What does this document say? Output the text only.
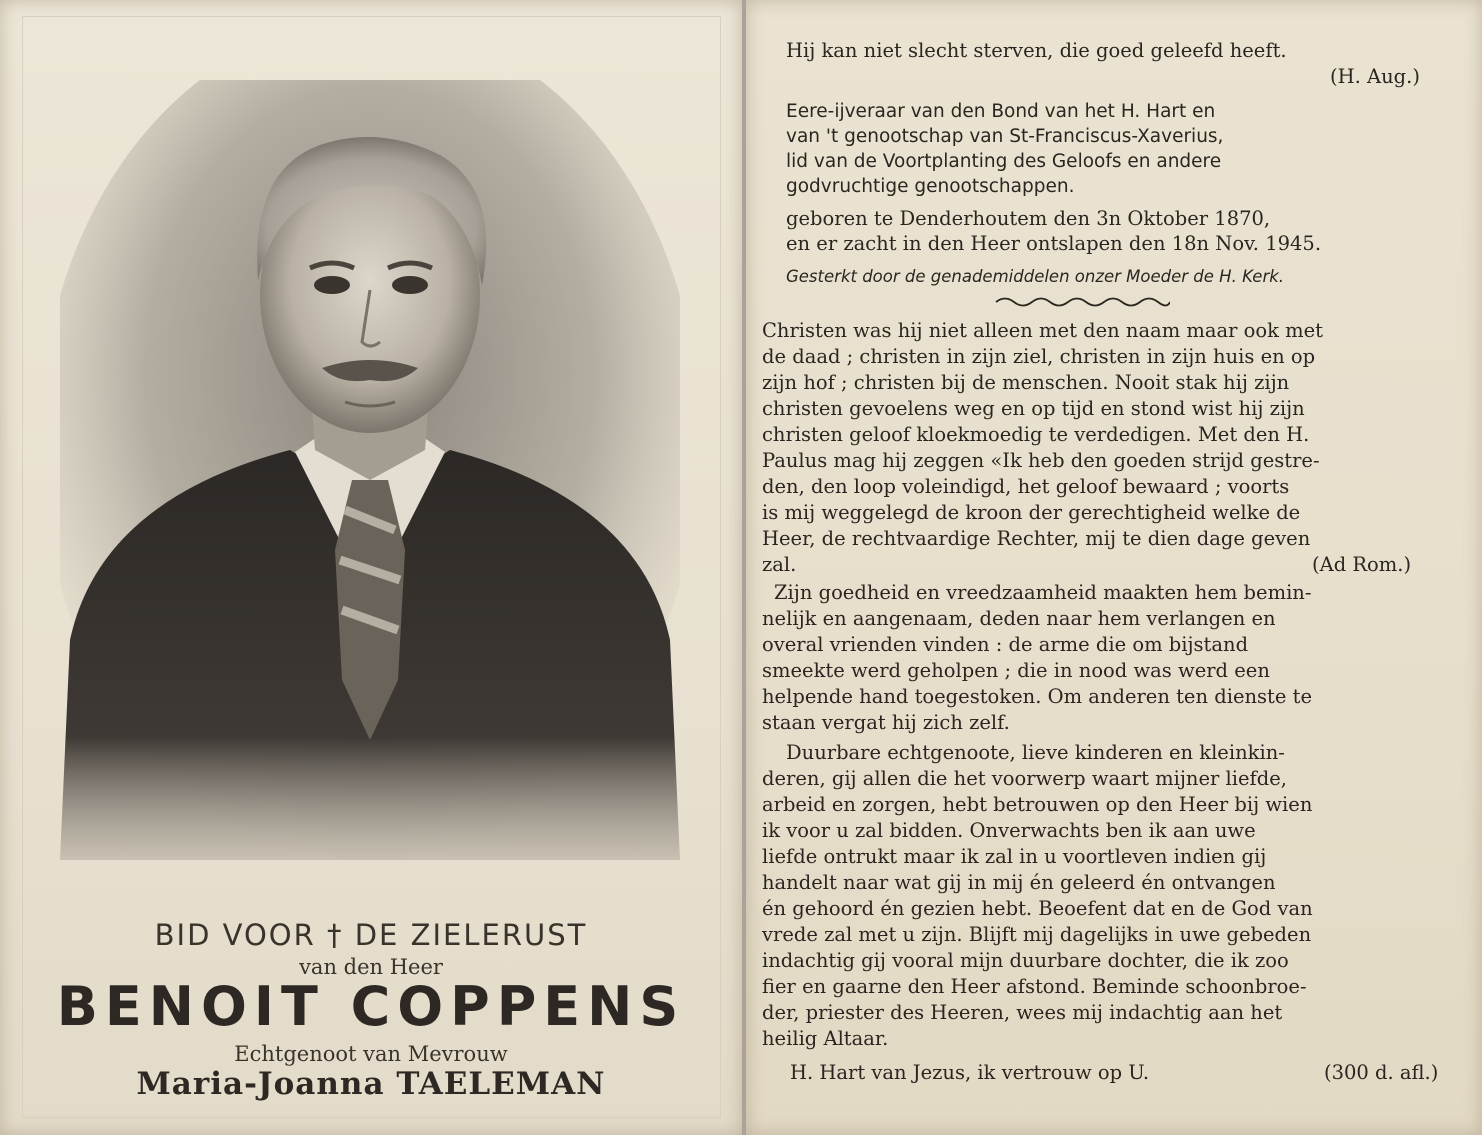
BID VOOR † DE ZIELERUST
van den Heer
BENOIT COPPENS
Echtgenoot van Mevrouw
Maria-Joanna TAELEMAN
Hij kan niet slecht sterven, die goed geleefd heeft.
(H. Aug.)
Eere-ijveraar van den Bond van het H. Hart en
van 't genootschap van St-Franciscus-Xaverius,
lid van de Voortplanting des Geloofs en andere
godvruchtige genootschappen.
geboren te Denderhoutem den 3n Oktober 1870,
en er zacht in den Heer ontslapen den 18n Nov. 1945.
Gesterkt door de genademiddelen onzer Moeder de H. Kerk.
Christen was hij niet alleen met den naam maar ook met
de daad ; christen in zijn ziel, christen in zijn huis en op
zijn hof ; christen bij de menschen. Nooit stak hij zijn
christen gevoelens weg en op tijd en stond wist hij zijn
christen geloof kloekmoedig te verdedigen. Met den H.
Paulus mag hij zeggen «Ik heb den goeden strijd gestre-
den, den loop voleindigd, het geloof bewaard ; voorts
is mij weggelegd de kroon der gerechtigheid welke de
Heer, de rechtvaardige Rechter, mij te dien dage geven
zal.	(Ad Rom.)
Zijn goedheid en vreedzaamheid maakten hem bemin-
nelijk en aangenaam, deden naar hem verlangen en
overal vrienden vinden : de arme die om bijstand
smeekte werd geholpen ; die in nood was werd een
helpende hand toegestoken. Om anderen ten dienste te
staan vergat hij zich zelf.
Duurbare echtgenoote, lieve kinderen en kleinkin-
deren, gij allen die het voorwerp waart mijner liefde,
arbeid en zorgen, hebt betrouwen op den Heer bij wien
ik voor u zal bidden. Onverwachts ben ik aan uwe
liefde ontrukt maar ik zal in u voortleven indien gij
handelt naar wat gij in mij én geleerd én ontvangen
én gehoord én gezien hebt. Beoefent dat en de God van
vrede zal met u zijn. Blijft mij dagelijks in uwe gebeden
indachtig gij vooral mijn duurbare dochter, die ik zoo
fier en gaarne den Heer afstond. Beminde schoonbroe-
der, priester des Heeren, wees mij indachtig aan het
heilig Altaar.
H. Hart van Jezus, ik vertrouw op U.	(300 d. afl.)
